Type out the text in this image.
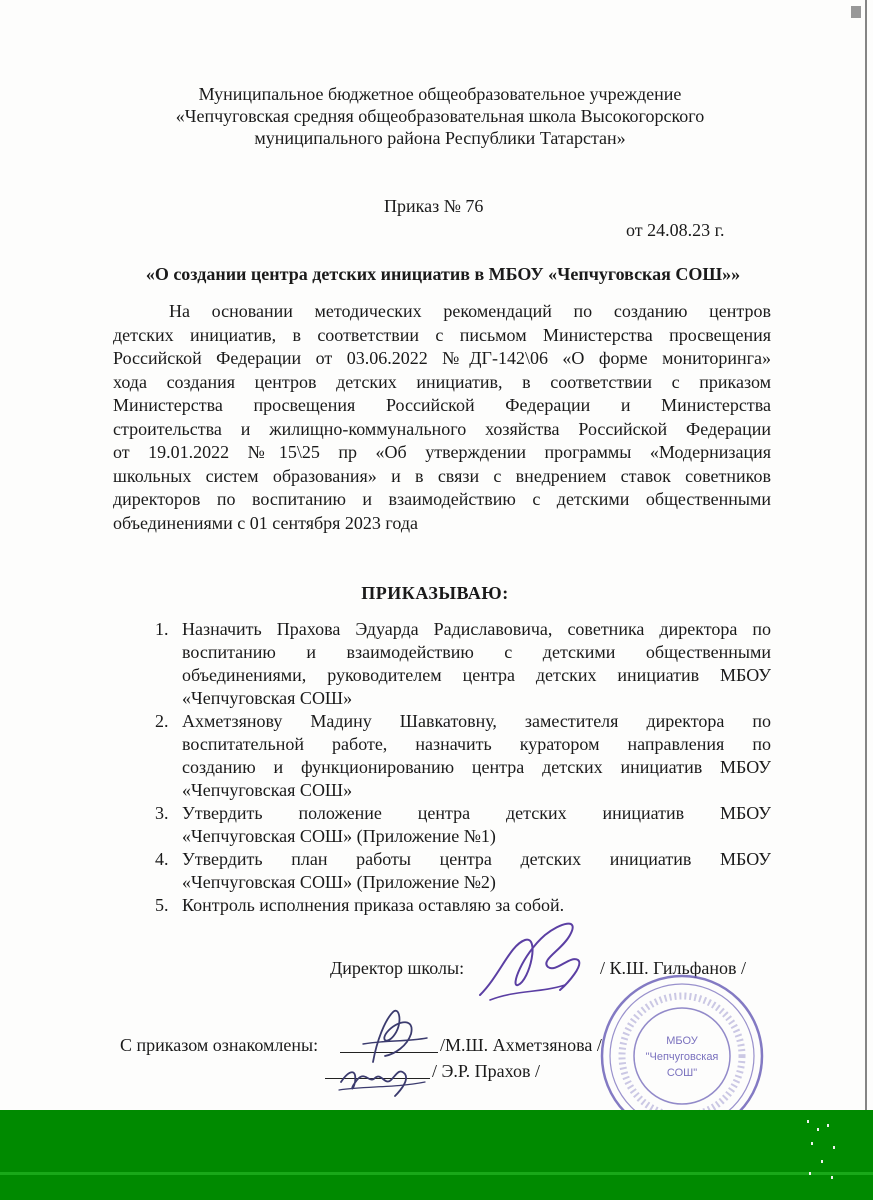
Муниципальное бюджетное общеобразовательное учреждение
«Чепчуговская средняя общеобразовательная школа Высокогорского
муниципального района Республики Татарстан»
Приказ № 76
от 24.08.23 г.
«О создании центра детских инициатив в МБОУ «Чепчуговская СОШ»»
На основании методических рекомендаций по созданию центров
детских инициатив, в соответствии с письмом Министерства просвещения
Российской Федерации от 03.06.2022 №ДГ-142\06 «О форме мониторинга»
хода создания центров детских инициатив, в соответствии с приказом
Министерства просвещения Российской Федерации и Министерства
строительства и жилищно-коммунального хозяйства Российской Федерации
от 19.01.2022 №15\25 пр «Об утверждении программы «Модернизация
школьных систем образования» и в связи с внедрением ставок советников
директоров по воспитанию и взаимодействию с детскими общественными
объединениями с 01 сентября 2023 года
ПРИКАЗЫВАЮ:
1. Назначить Прахова Эдуарда Радиславовича, советника директора по
воспитанию и взаимодействию с детскими общественными
объединениями, руководителем центра детских инициатив МБОУ
«Чепчуговская СОШ»
2. Ахметзянову Мадину Шавкатовну, заместителя директора по
воспитательной работе, назначить куратором направления по
созданию и функционированию центра детских инициатив МБОУ
«Чепчуговская СОШ»
3. Утвердить положение центра детских инициатив МБОУ
«Чепчуговская СОШ» (Приложение №1)
4. Утвердить план работы центра детских инициатив МБОУ
«Чепчуговская СОШ» (Приложение №2)
5. Контроль исполнения приказа оставляю за собой.
Директор школы:	/ К.Ш. Гильфанов /
С приказом ознакомлены:	/М.Ш. Ахметзянова /
/ Э.Р. Прахов /
МБОУ
"Чепчуговская
СОШ"
